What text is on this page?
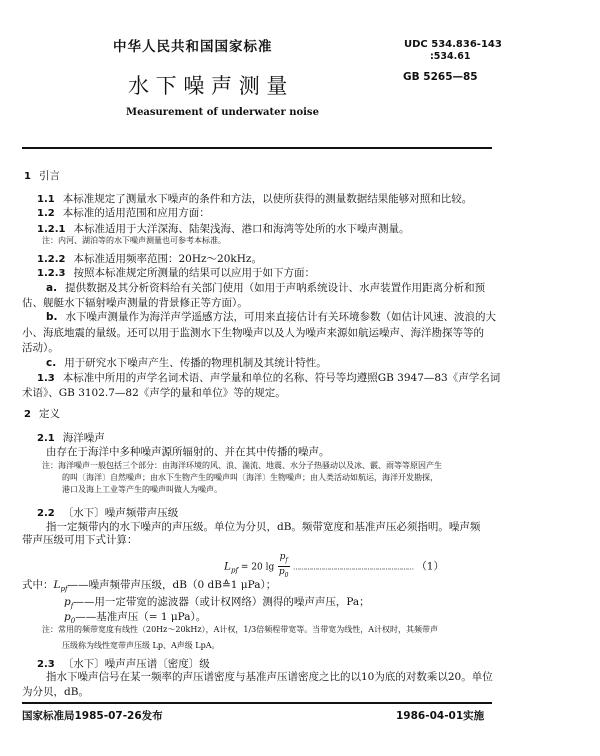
中华人民共和国国家标准
水 下 噪 声 测 量
Measurement of underwater noise
UDC 534.836-143
:534.61
GB 5265—85
1 引言
1.1 本标准规定了测量水下噪声的条件和方法，以使所获得的测量数据结果能够对照和比较。
1.2 本标准的适用范围和应用方面：
1.2.1 本标准适用于大洋深海、陆架浅海、港口和海湾等处所的水下噪声测量。
注：内河、湖泊等的水下噪声测量也可参考本标准。
1.2.2 本标准适用频率范围：20Hz～20kHz。
1.2.3 按照本标准规定所测量的结果可以应用于如下方面：
a. 提供数据及其分析资料给有关部门使用（如用于声呐系统设计、水声装置作用距离分析和预
估、舰艇水下辐射噪声测量的背景修正等方面）。
b. 水下噪声测量作为海洋声学遥感方法，可用来直接估计有关环境参数（如估计风速、波浪的大
小、海底地震的量级。还可以用于监测水下生物噪声以及人为噪声来源如航运噪声、海洋勘探等等的
活动）。
c. 用于研究水下噪声产生、传播的物理机制及其统计特性。
1.3 本标准中所用的声学名词术语、声学量和单位的名称、符号等均遵照GB 3947—83《声学名词
术语》、GB 3102.7—82《声学的量和单位》等的规定。
2 定义
2.1 海洋噪声
由存在于海洋中多种噪声源所辐射的、并在其中传播的噪声。
注：海洋噪声一般包括三个部分：由海洋环境的风、浪、湍流、地震、水分子热骚动以及冰、霰、雨等等原因产生
的叫〔海洋〕自然噪声；由水下生物产生的噪声叫〔海洋〕生物噪声；由人类活动如航运，海洋开发勘探，
港口及海上工业等产生的噪声叫做人为噪声。
2.2 〔水下〕噪声频带声压级
指一定频带内的水下噪声的声压级。单位为分贝，dB。频带宽度和基准声压必须指明。噪声频
带声压级可用下式计算：
$L_{pf} = 20$ $\lg \frac{p_f}{p_0}$ …………………………………………………… （1）
式中：$L_{pf}——$噪声频带声压级，dB（0 dB≙1 μPa）；
$p_f——$用一定带宽的滤波器（或计权网络）测得的噪声声压，Pa；
$p_0——$基准声压（= 1 μPa）。
注：常用的频带宽度有线性（20Hz～20kHz），A计权，1/3倍频程带宽等。当带宽为线性，A计权时，其频带声
压级称为线性宽带声压级 Lp、A声级 LpA。
2.3 〔水下〕噪声声压谱〔密度〕级
指水下噪声信号在某一频率的声压谱密度与基准声压谱密度之比的以10为底的对数乘以20。单位
为分贝，dB。
国家标准局1985-07-26发布	1986-04-01实施
